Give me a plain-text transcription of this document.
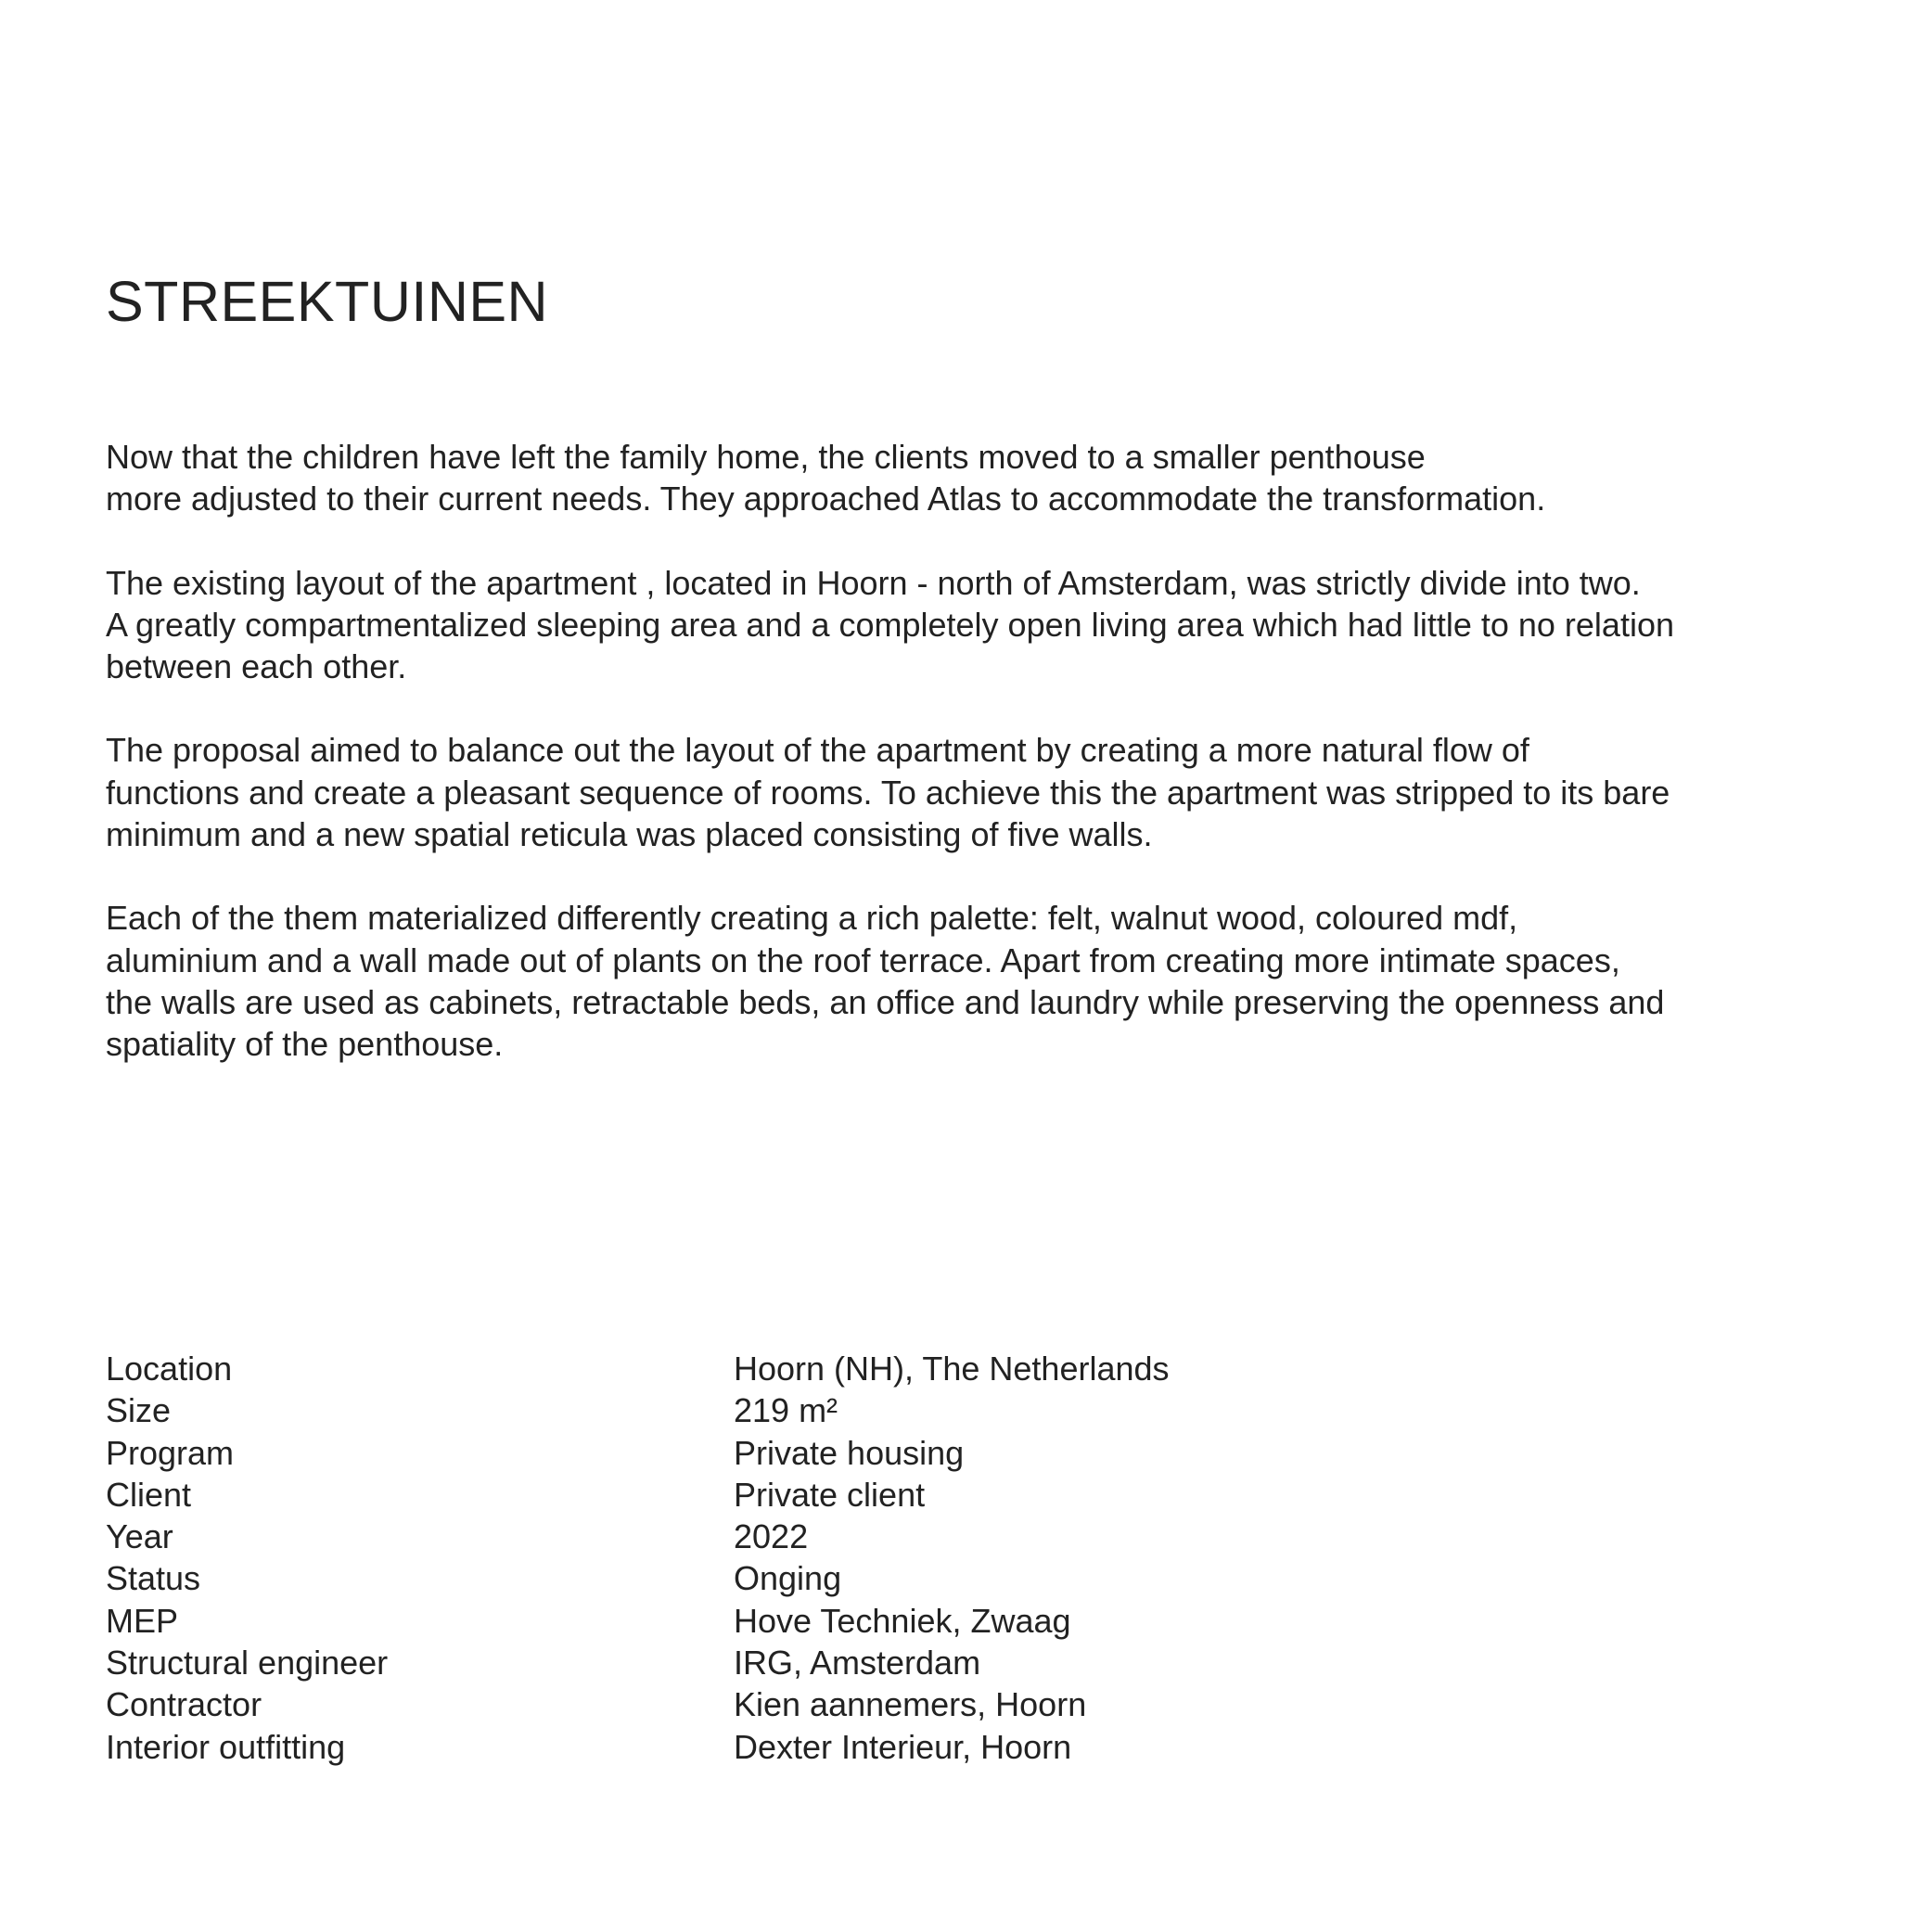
STREEKTUINEN

Now that the children have left the family home, the clients moved to a smaller penthouse
more adjusted to their current needs. They approached Atlas to accommodate the transformation.

The existing layout of the apartment , located in Hoorn - north of Amsterdam, was strictly divide into two.
A greatly compartmentalized sleeping area and a completely open living area which had little to no relation
between each other.

The proposal aimed to balance out the layout of the apartment by creating a more natural flow of
functions and create a pleasant sequence of rooms. To achieve this the apartment was stripped to its bare
minimum and a new spatial reticula was placed consisting of five walls.

Each of the them materialized differently creating a rich palette: felt, walnut wood, coloured mdf,
aluminium and a wall made out of plants on the roof terrace. Apart from creating more intimate spaces,
the walls are used as cabinets, retractable beds, an office and laundry while preserving the openness and
spatiality of the penthouse.

Location	Hoorn (NH), The Netherlands
Size	219 m²
Program	Private housing
Client	Private client
Year	2022
Status	Onging
MEP	Hove Techniek, Zwaag
Structural engineer	IRG, Amsterdam
Contractor	Kien aannemers, Hoorn
Interior outfitting	Dexter Interieur, Hoorn
